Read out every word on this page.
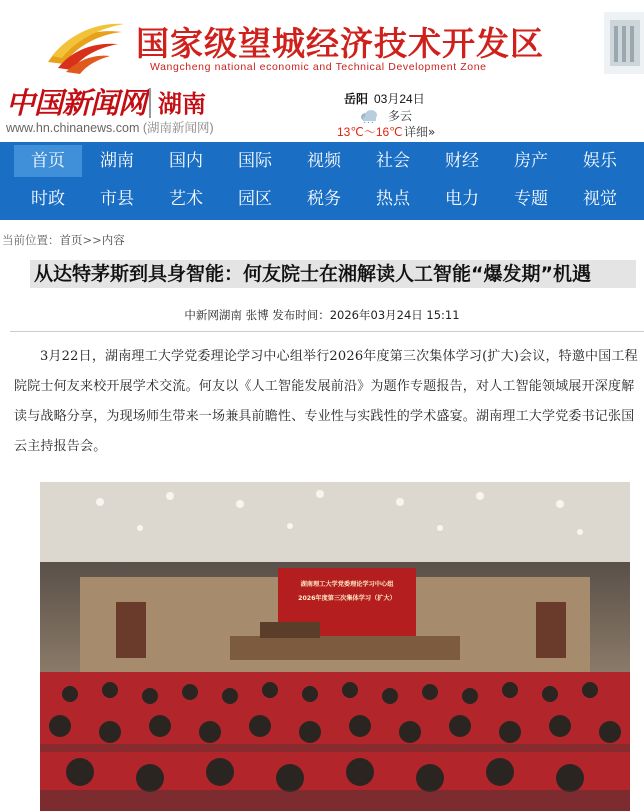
国家级望城经济技术开发区
Wangcheng national economic and Technical Development Zone
中国新闻网 湖南
www.hn.chinanews.com (湖南新闻网)
岳阳 03月24日
多云
13℃～16℃ 详细»
首页	湖南	国内	国际	视频	社会	财经	房产	娱乐
时政	市县	艺术	园区	税务	热点	电力	专题	视觉
当前位置：首页>>内容
从达特茅斯到具身智能：何友院士在湘解读人工智能“爆发期”机遇
中新网湖南 张博 发布时间：2026年03月24日 15:11
3月22日，湖南理工大学党委理论学习中心组举行2026年度第三次集体学习(扩大)会议，特邀中国工程院院士何友来校开展学术交流。何友以《人工智能发展前沿》为题作专题报告，对人工智能领域展开深度解读与战略分享，为现场师生带来一场兼具前瞻性、专业性与实践性的学术盛宴。湖南理工大学党委书记张国云主持报告会。
湖南理工大学党委理论学习中心组
2026年度第三次集体学习（扩大）
